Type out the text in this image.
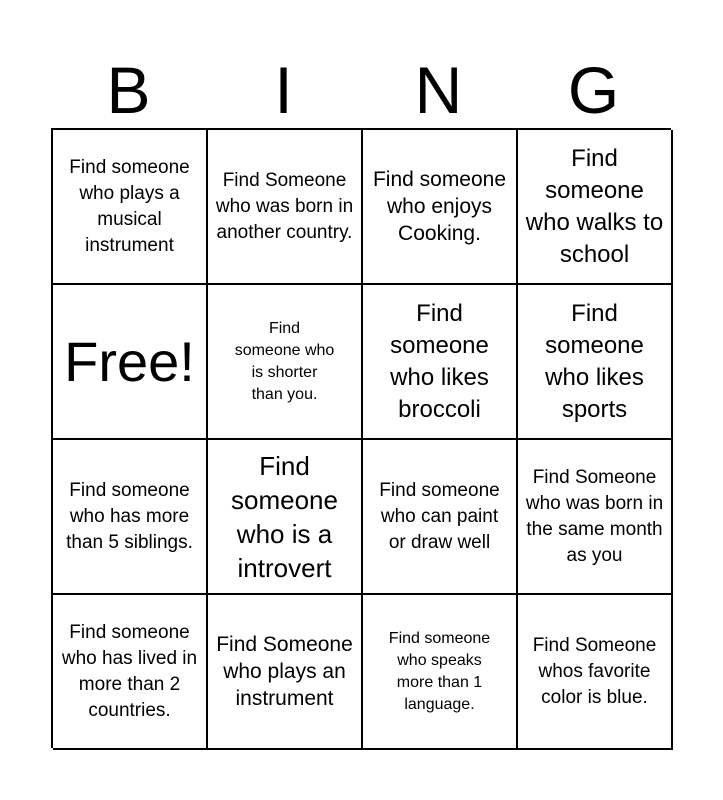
B	I	N	G
Find someone who plays a musical instrument
Find Someone who was born in another country.
Find someone who enjoys Cooking.
Find someone who walks to school
Free!
Find someone who is shorter than you.
Find someone who likes broccoli
Find someone who likes sports
Find someone who has more than 5 siblings.
Find someone who is a introvert
Find someone who can paint or draw well
Find Someone who was born in the same month as you
Find someone who has lived in more than 2 countries.
Find Someone who plays an instrument
Find someone who speaks more than 1 language.
Find Someone whos favorite color is blue.
